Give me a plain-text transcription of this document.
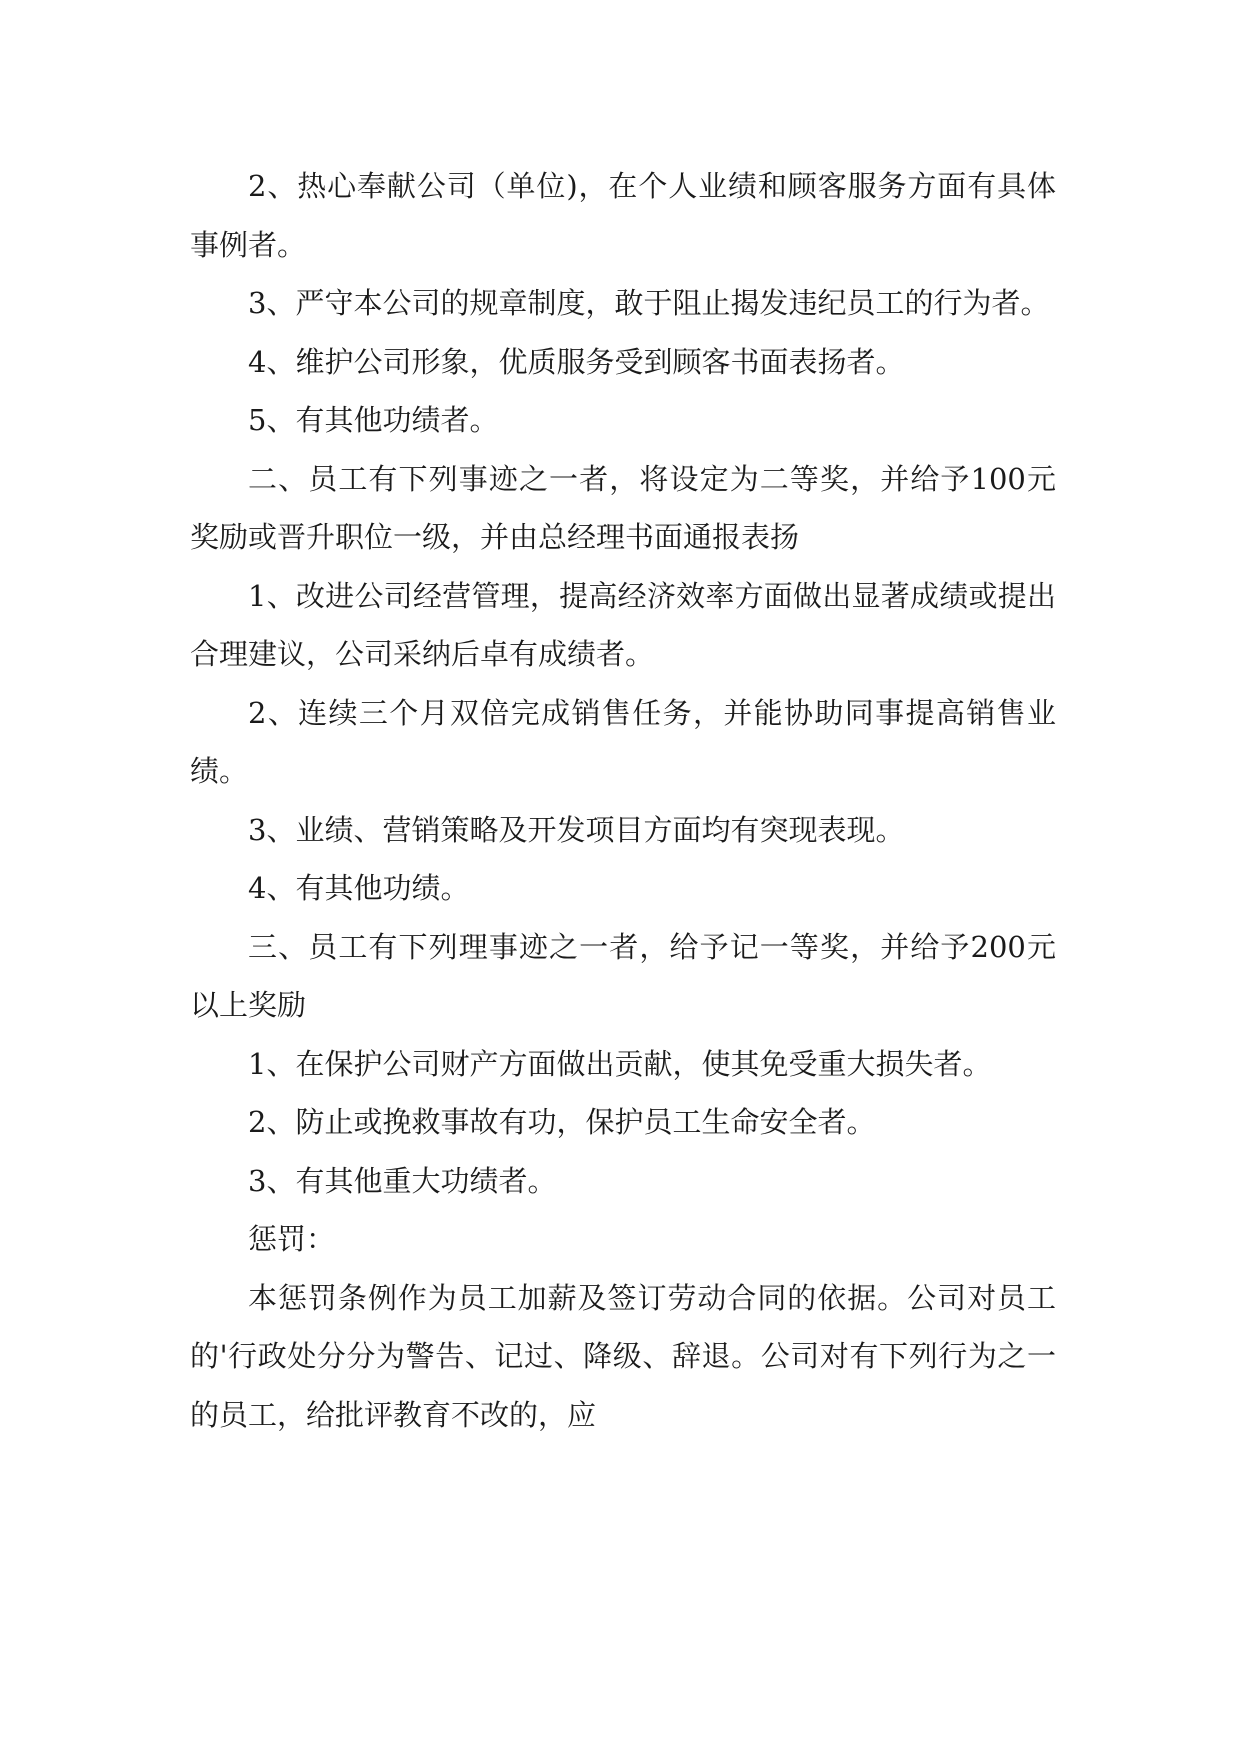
2、热心奉献公司（单位)，在个人业绩和顾客服务方面有具体事例者。

3、严守本公司的规章制度，敢于阻止揭发违纪员工的行为者。

4、维护公司形象，优质服务受到顾客书面表扬者。

5、有其他功绩者。

二、员工有下列事迹之一者，将设定为二等奖，并给予100元奖励或晋升职位一级，并由总经理书面通报表扬

1、改进公司经营管理，提高经济效率方面做出显著成绩或提出合理建议，公司采纳后卓有成绩者。

2、连续三个月双倍完成销售任务，并能协助同事提高销售业绩。

3、业绩、营销策略及开发项目方面均有突现表现。

4、有其他功绩。

三、员工有下列理事迹之一者，给予记一等奖，并给予200元以上奖励

1、在保护公司财产方面做出贡献，使其免受重大损失者。

2、防止或挽救事故有功，保护员工生命安全者。

3、有其他重大功绩者。

惩罚：

本惩罚条例作为员工加薪及签订劳动合同的依据。公司对员工的'行政处分分为警告、记过、降级、辞退。公司对有下列行为之一的员工，给批评教育不改的，应
